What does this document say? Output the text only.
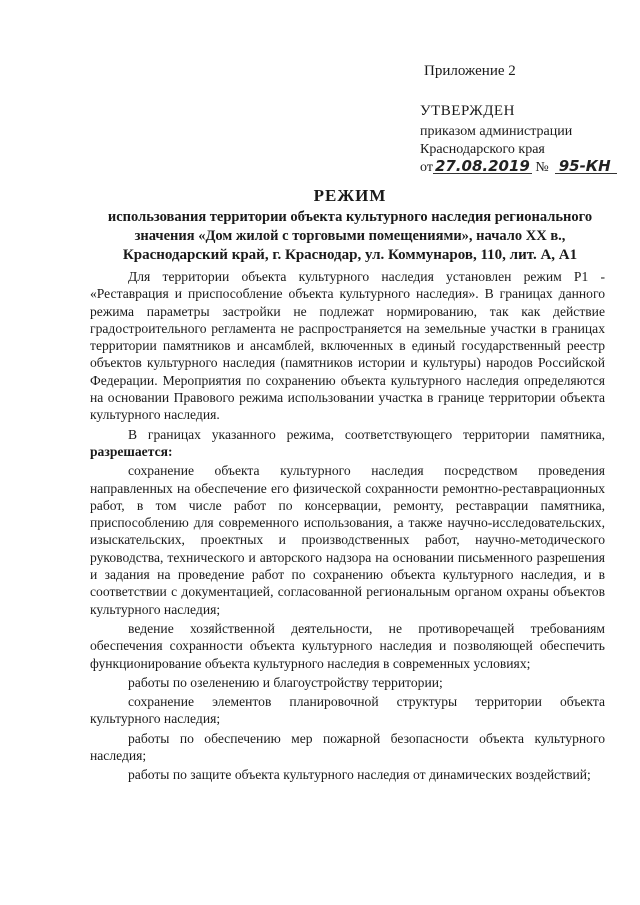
Приложение 2
УТВЕРЖДЕН
приказом администрации
Краснодарского края
от 27.08.2019 № 95-КН
РЕЖИМ
использования территории объекта культурного наследия регионального
значения «Дом жилой с торговыми помещениями», начало XX в.,
Краснодарский край, г. Краснодар, ул. Коммунаров, 110, лит. А, А1

Для территории объекта культурного наследия установлен режим Р1 - «Реставрация и приспособление объекта культурного наследия». В границах данного режима параметры застройки не подлежат нормированию, так как действие градостроительного регламента не распространяется на земельные участки в границах территории памятников и ансамблей, включенных в единый государственный реестр объектов культурного наследия (памятников истории и культуры) народов Российской Федерации. Мероприятия по сохранению объекта культурного наследия определяются на основании Правового режима использовании участка в границе территории объекта культурного наследия.

В границах указанного режима, соответствующего территории памятника, разрешается:

сохранение объекта культурного наследия посредством проведения направленных на обеспечение его физической сохранности ремонтно-реставрационных работ, в том числе работ по консервации, ремонту, реставрации памятника, приспособлению для современного использования, а также научно-исследовательских, изыскательских, проектных и производственных работ, научно-методического руководства, технического и авторского надзора на основании письменного разрешения и задания на проведение работ по сохранению объекта культурного наследия, и в соответствии с документацией, согласованной региональным органом охраны объектов культурного наследия;

ведение хозяйственной деятельности, не противоречащей требованиям обеспечения сохранности объекта культурного наследия и позволяющей обеспечить функционирование объекта культурного наследия в современных условиях;

работы по озеленению и благоустройству территории;

сохранение элементов планировочной структуры территории объекта культурного наследия;

работы по обеспечению мер пожарной безопасности объекта культурного наследия;

работы по защите объекта культурного наследия от динамических воздействий;
